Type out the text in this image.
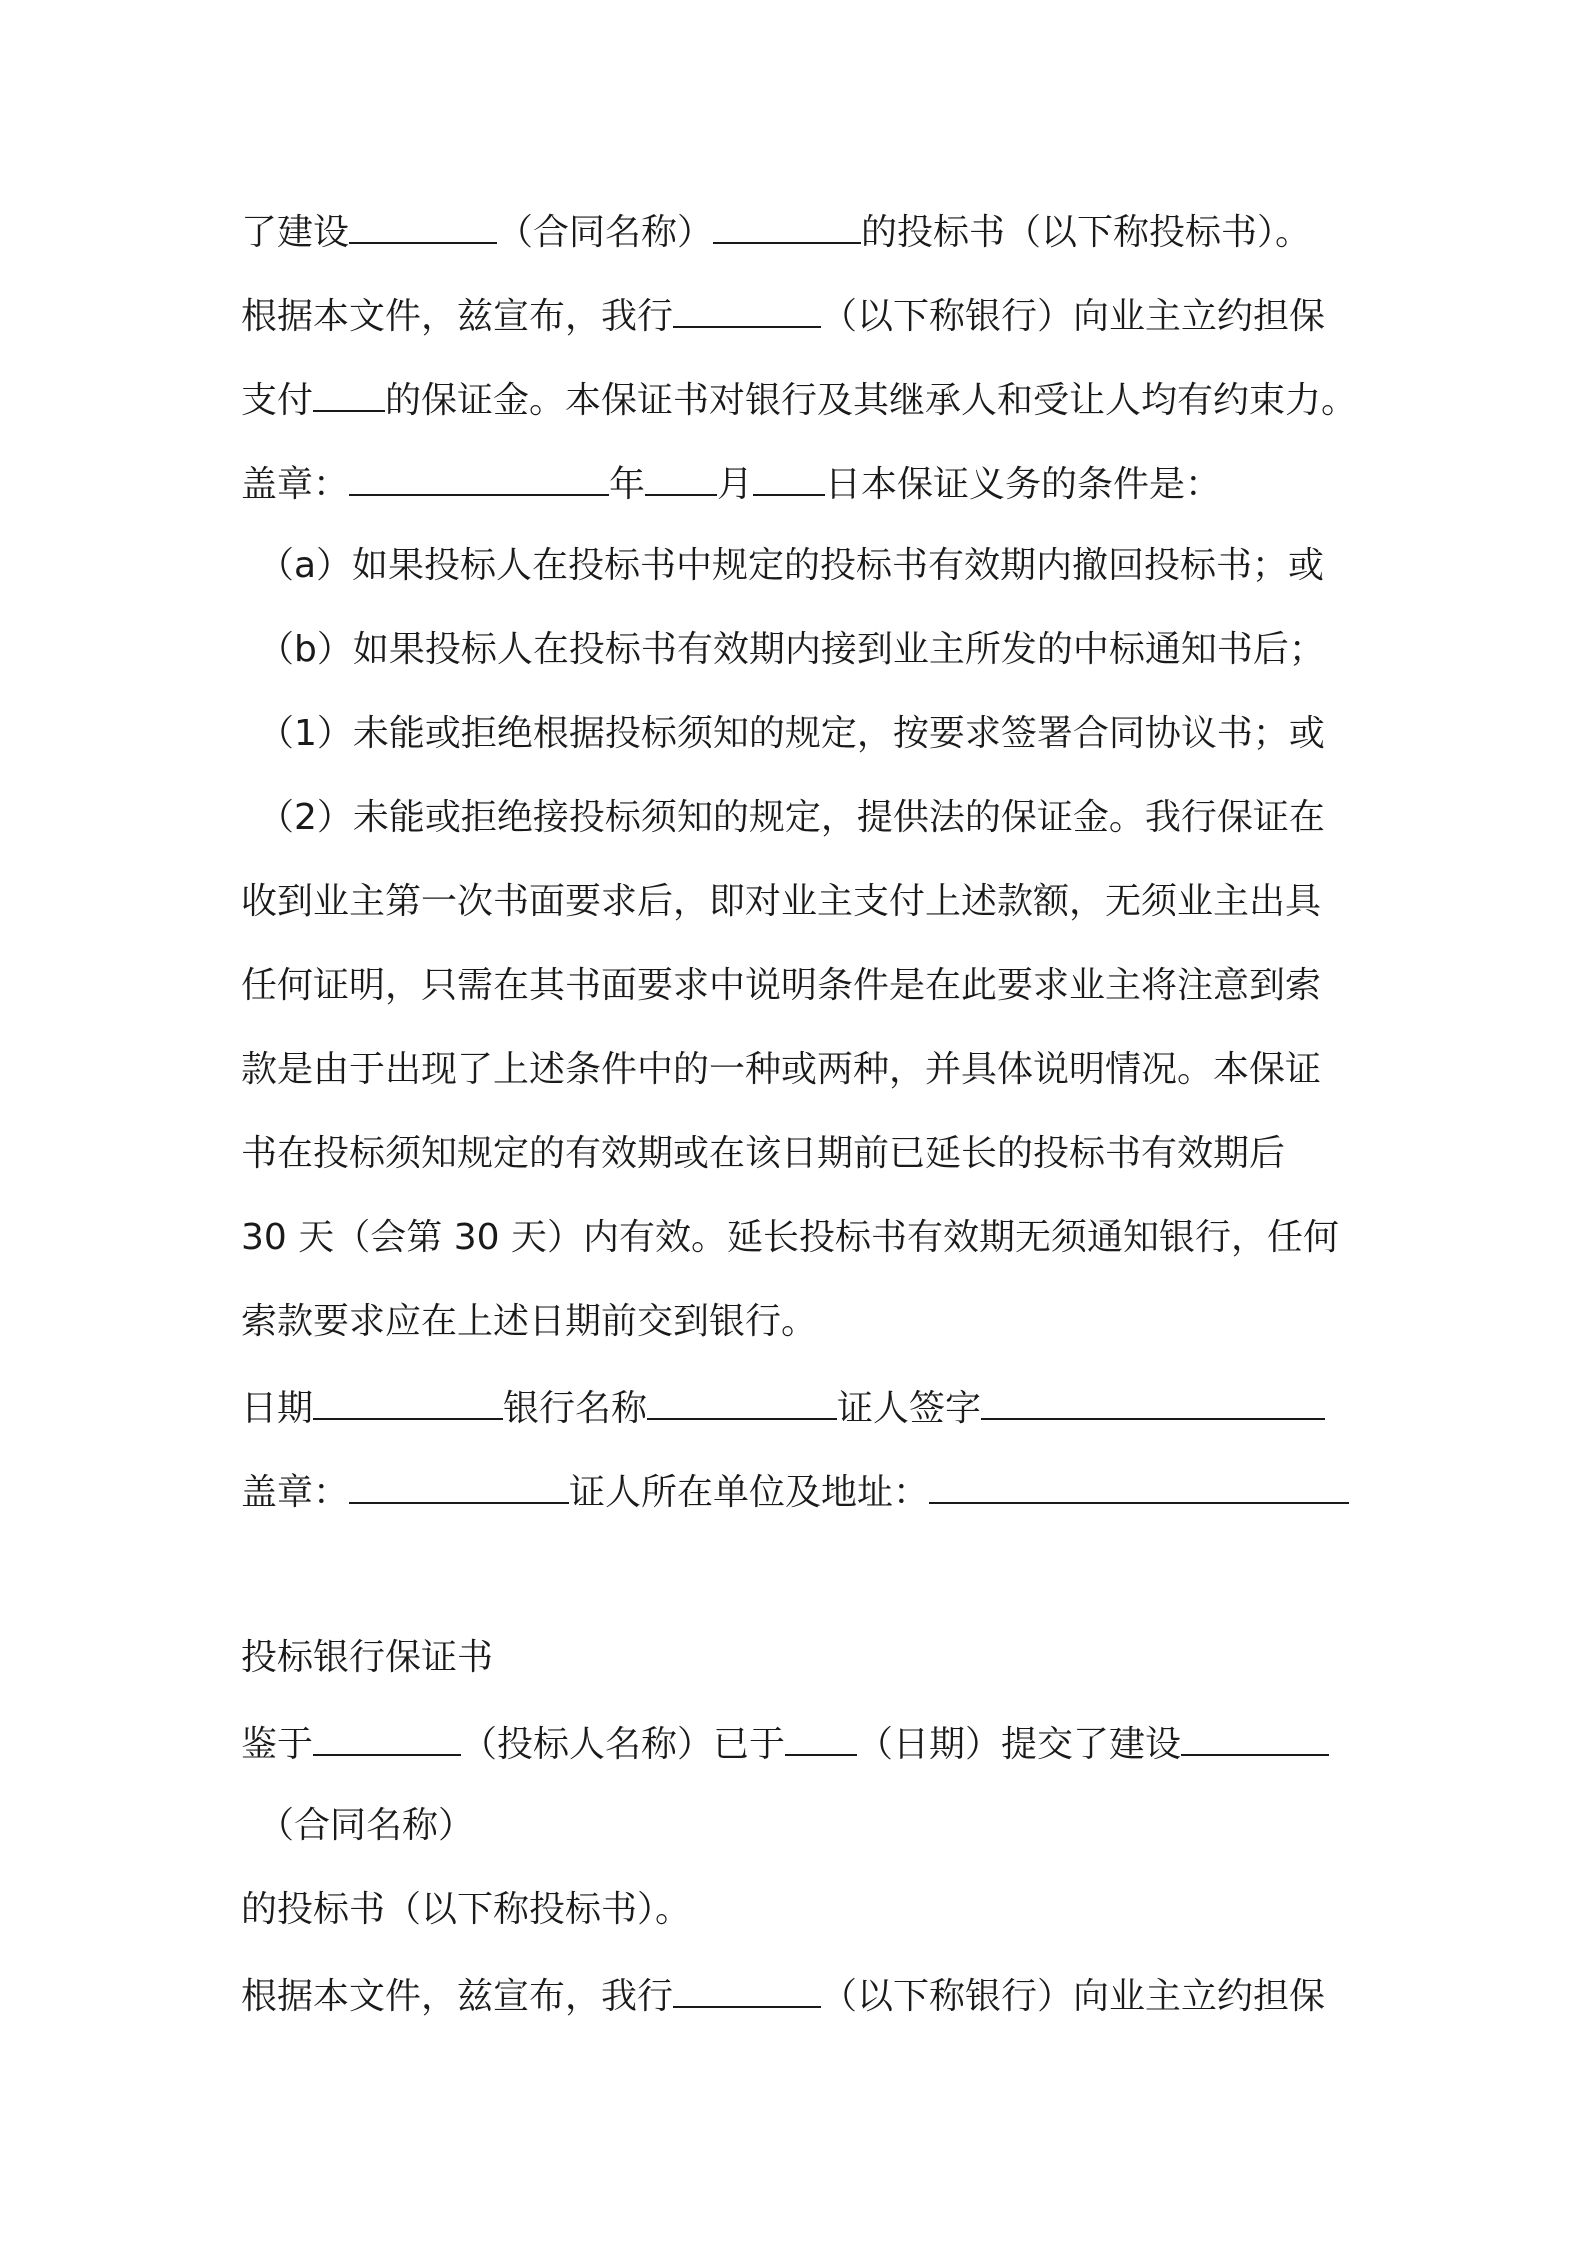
了建设	（合同名称）	的投标书（以下称投标书）。
根据本文件，兹宣布，我行	（以下称银行）向业主立约担保
支付 的保证金。本保证书对银行及其继承人和受让人均有约束力。
盖章：	年 月 日本保证义务的条件是：
（a）如果投标人在投标书中规定的投标书有效期内撤回投标书；或
（b）如果投标人在投标书有效期内接到业主所发的中标通知书后；
（1）未能或拒绝根据投标须知的规定，按要求签署合同协议书；或
（2）未能或拒绝接投标须知的规定，提供法的保证金。我行保证在
收到业主第一次书面要求后，即对业主支付上述款额，无须业主出具
任何证明，只需在其书面要求中说明条件是在此要求业主将注意到索
款是由于出现了上述条件中的一种或两种，并具体说明情况。本保证
书在投标须知规定的有效期或在该日期前已延长的投标书有效期后
30 天（会第 30 天）内有效。延长投标书有效期无须通知银行，任何
索款要求应在上述日期前交到银行。
日期	银行名称	证人签字
盖章：	证人所在单位及地址：
投标银行保证书
鉴于	（投标人名称）已于 （日期）提交了建设
（合同名称）
的投标书（以下称投标书）。
根据本文件，兹宣布，我行	（以下称银行）向业主立约担保
